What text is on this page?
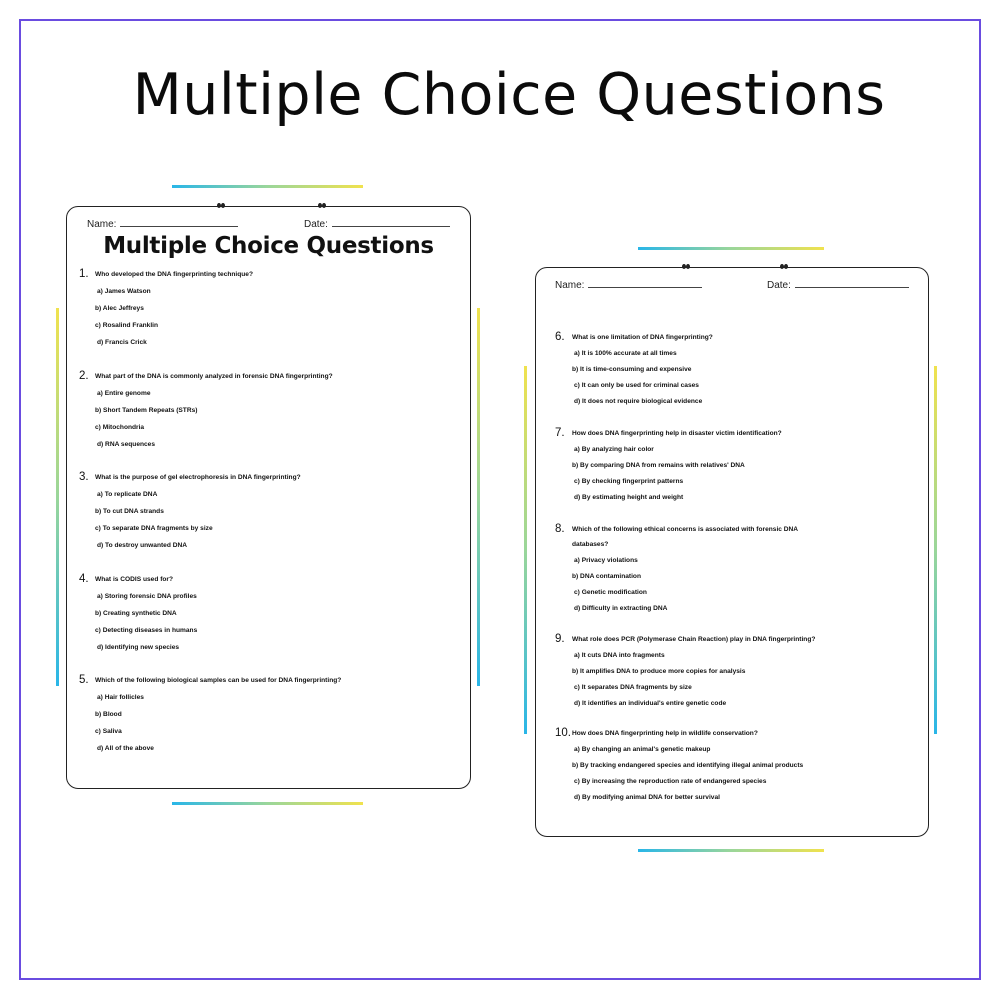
Multiple Choice Questions
Name:	Date:
Multiple Choice Questions
1. Who developed the DNA fingerprinting technique?
a) James Watson
b) Alec Jeffreys
c) Rosalind Franklin
d) Francis Crick
2. What part of the DNA is commonly analyzed in forensic DNA fingerprinting?
a) Entire genome
b) Short Tandem Repeats (STRs)
c) Mitochondria
d) RNA sequences
3. What is the purpose of gel electrophoresis in DNA fingerprinting?
a) To replicate DNA
b) To cut DNA strands
c) To separate DNA fragments by size
d) To destroy unwanted DNA
4. What is CODIS used for?
a) Storing forensic DNA profiles
b) Creating synthetic DNA
c) Detecting diseases in humans
d) Identifying new species
5. Which of the following biological samples can be used for DNA fingerprinting?
a) Hair follicles
b) Blood
c) Saliva
d) All of the above
Name:	Date:
6. What is one limitation of DNA fingerprinting?
a) It is 100% accurate at all times
b) It is time-consuming and expensive
c) It can only be used for criminal cases
d) It does not require biological evidence
7. How does DNA fingerprinting help in disaster victim identification?
a) By analyzing hair color
b) By comparing DNA from remains with relatives' DNA
c) By checking fingerprint patterns
d) By estimating height and weight
8. Which of the following ethical concerns is associated with forensic DNA
databases?
a) Privacy violations
b) DNA contamination
c) Genetic modification
d) Difficulty in extracting DNA
9. What role does PCR (Polymerase Chain Reaction) play in DNA fingerprinting?
a) It cuts DNA into fragments
b) It amplifies DNA to produce more copies for analysis
c) It separates DNA fragments by size
d) It identifies an individual's entire genetic code
10. How does DNA fingerprinting help in wildlife conservation?
a) By changing an animal's genetic makeup
b) By tracking endangered species and identifying illegal animal products
c) By increasing the reproduction rate of endangered species
d) By modifying animal DNA for better survival
